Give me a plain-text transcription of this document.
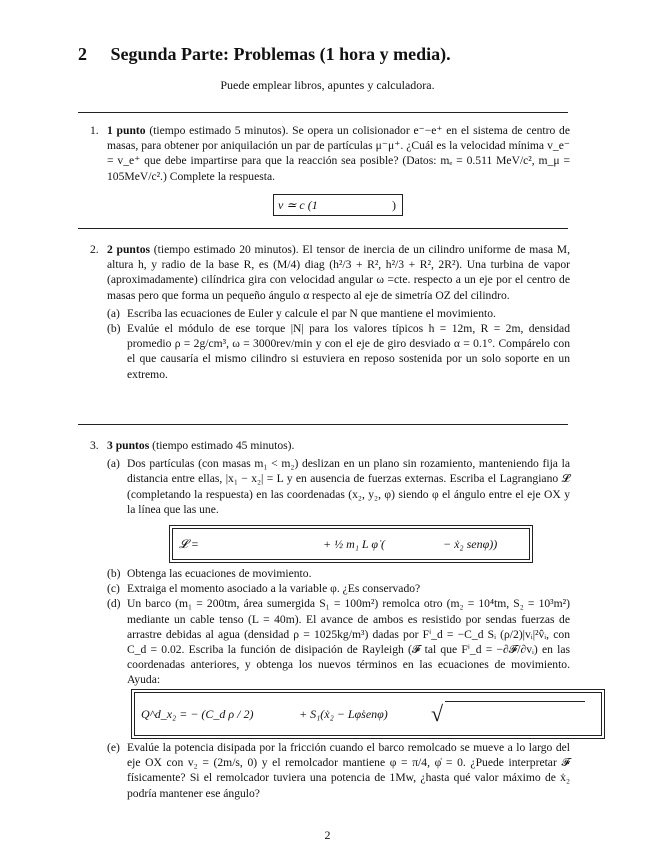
2 Segunda Parte: Problemas (1 hora y media).
Puede emplear libros, apuntes y calculadora.
1. 1 punto (tiempo estimado 5 minutos). Se opera un colisionador e⁻−e⁺ en el sistema de centro de masas, para obtener por aniquilación un par de partículas μ⁻μ⁺. ¿Cuál es la velocidad mínima v_e⁻ = v_e⁺ que debe impartirse para que la reacción sea posible? (Datos: mₑ = 0.511 MeV/c², m_μ = 105MeV/c².) Complete la respuesta.
v ≃ c (1	)
2. 2 puntos (tiempo estimado 20 minutos). El tensor de inercia de un cilindro uniforme de masa M, altura h, y radio de la base R, es (M/4) diag (h²/3 + R², h²/3 + R², 2R²). Una turbina de vapor (aproximadamente) cilíndrica gira con velocidad angular ω =cte. respecto a un eje por el centro de masas pero que forma un pequeño ángulo α respecto al eje de simetría OZ del cilindro.
(a) Escriba las ecuaciones de Euler y calcule el par N que mantiene el movimiento.
(b) Evalúe el módulo de ese torque |N| para los valores típicos h = 12m, R = 2m, densidad promedio ρ = 2g/cm³, ω = 3000rev/min y con el eje de giro desviado α = 0.1°. Compárelo con el que causaría el mismo cilindro si estuviera en reposo sostenida por un solo soporte en un extremo.
3. 3 puntos (tiempo estimado 45 minutos).
(a) Dos partículas (con masas m₁ < m₂) deslizan en un plano sin rozamiento, manteniendo fija la distancia entre ellas, |x₁ − x₂| = L y en ausencia de fuerzas externas. Escriba el Lagrangiano 𝓛 (completando la respuesta) en las coordenadas (x₂, y₂, φ) siendo φ el ángulo entre el eje OX y la línea que las une.
𝓛 =	+ ½ m₁ L φ̇ (	− ẋ₂ senφ))
(b) Obtenga las ecuaciones de movimiento.
(c) Extraiga el momento asociado a la variable φ. ¿Es conservado?
(d) Un barco (m₁ = 200tm, área sumergida S₁ = 100m²) remolca otro (m₂ = 10⁴tm, S₂ = 10³m²) mediante un cable tenso (L = 40m). El avance de ambos es resistido por sendas fuerzas de arrastre debidas al agua (densidad ρ = 1025kg/m³) dadas por Fⁱ_d = −C_d Sᵢ (ρ/2)|vᵢ|²v̂ᵢ, con C_d = 0.02. Escriba la función de disipación de Rayleigh (𝓕 tal que Fⁱ_d = −∂𝓕/∂vᵢ) en las coordenadas anteriores, y obtenga los nuevos términos en las ecuaciones de movimiento. Ayuda:
Q^d_x₂ = − (C_d ρ / 2)	+ S₁(ẋ₂ − Lφ̇senφ) √
(e) Evalúe la potencia disipada por la fricción cuando el barco remolcado se mueve a lo largo del eje OX con v₂ = (2m/s, 0) y el remolcador mantiene φ = π/4, φ̇ = 0. ¿Puede interpretar 𝓕 físicamente? Si el remolcador tuviera una potencia de 1Mw, ¿hasta qué valor máximo de ẋ₂ podría mantener ese ángulo?
2
